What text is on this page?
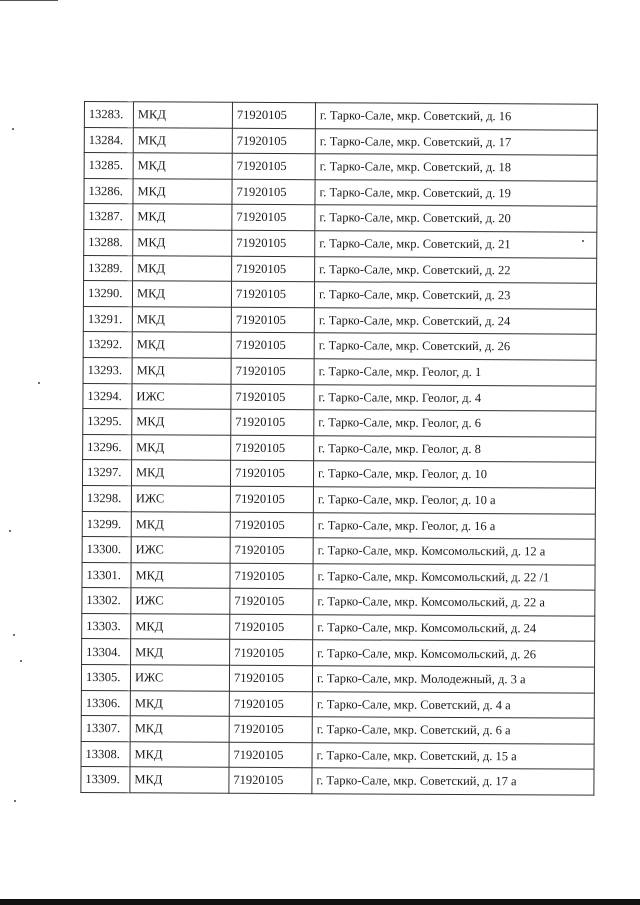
13283.	МКД	71920105	г. Тарко-Сале, мкр. Советский, д. 16
13284.	МКД	71920105	г. Тарко-Сале, мкр. Советский, д. 17
13285.	МКД	71920105	г. Тарко-Сале, мкр. Советский, д. 18
13286.	МКД	71920105	г. Тарко-Сале, мкр. Советский, д. 19
13287.	МКД	71920105	г. Тарко-Сале, мкр. Советский, д. 20
13288.	МКД	71920105	г. Тарко-Сале, мкр. Советский, д. 21
13289.	МКД	71920105	г. Тарко-Сале, мкр. Советский, д. 22
13290.	МКД	71920105	г. Тарко-Сале, мкр. Советский, д. 23
13291.	МКД	71920105	г. Тарко-Сале, мкр. Советский, д. 24
13292.	МКД	71920105	г. Тарко-Сале, мкр. Советский, д. 26
13293.	МКД	71920105	г. Тарко-Сале, мкр. Геолог, д. 1
13294.	ИЖС	71920105	г. Тарко-Сале, мкр. Геолог, д. 4
13295.	МКД	71920105	г. Тарко-Сале, мкр. Геолог, д. 6
13296.	МКД	71920105	г. Тарко-Сале, мкр. Геолог, д. 8
13297.	МКД	71920105	г. Тарко-Сале, мкр. Геолог, д. 10
13298.	ИЖС	71920105	г. Тарко-Сале, мкр. Геолог, д. 10 а
13299.	МКД	71920105	г. Тарко-Сале, мкр. Геолог, д. 16 а
13300.	ИЖС	71920105	г. Тарко-Сале, мкр. Комсомольский, д. 12 а
13301.	МКД	71920105	г. Тарко-Сале, мкр. Комсомольский, д. 22 /1
13302.	ИЖС	71920105	г. Тарко-Сале, мкр. Комсомольский, д. 22 а
13303.	МКД	71920105	г. Тарко-Сале, мкр. Комсомольский, д. 24
13304.	МКД	71920105	г. Тарко-Сале, мкр. Комсомольский, д. 26
13305.	ИЖС	71920105	г. Тарко-Сале, мкр. Молодежный, д. 3 а
13306.	МКД	71920105	г. Тарко-Сале, мкр. Советский, д. 4 а
13307.	МКД	71920105	г. Тарко-Сале, мкр. Советский, д. 6 а
13308.	МКД	71920105	г. Тарко-Сале, мкр. Советский, д. 15 а
13309.	МКД	71920105	г. Тарко-Сале, мкр. Советский, д. 17 а
